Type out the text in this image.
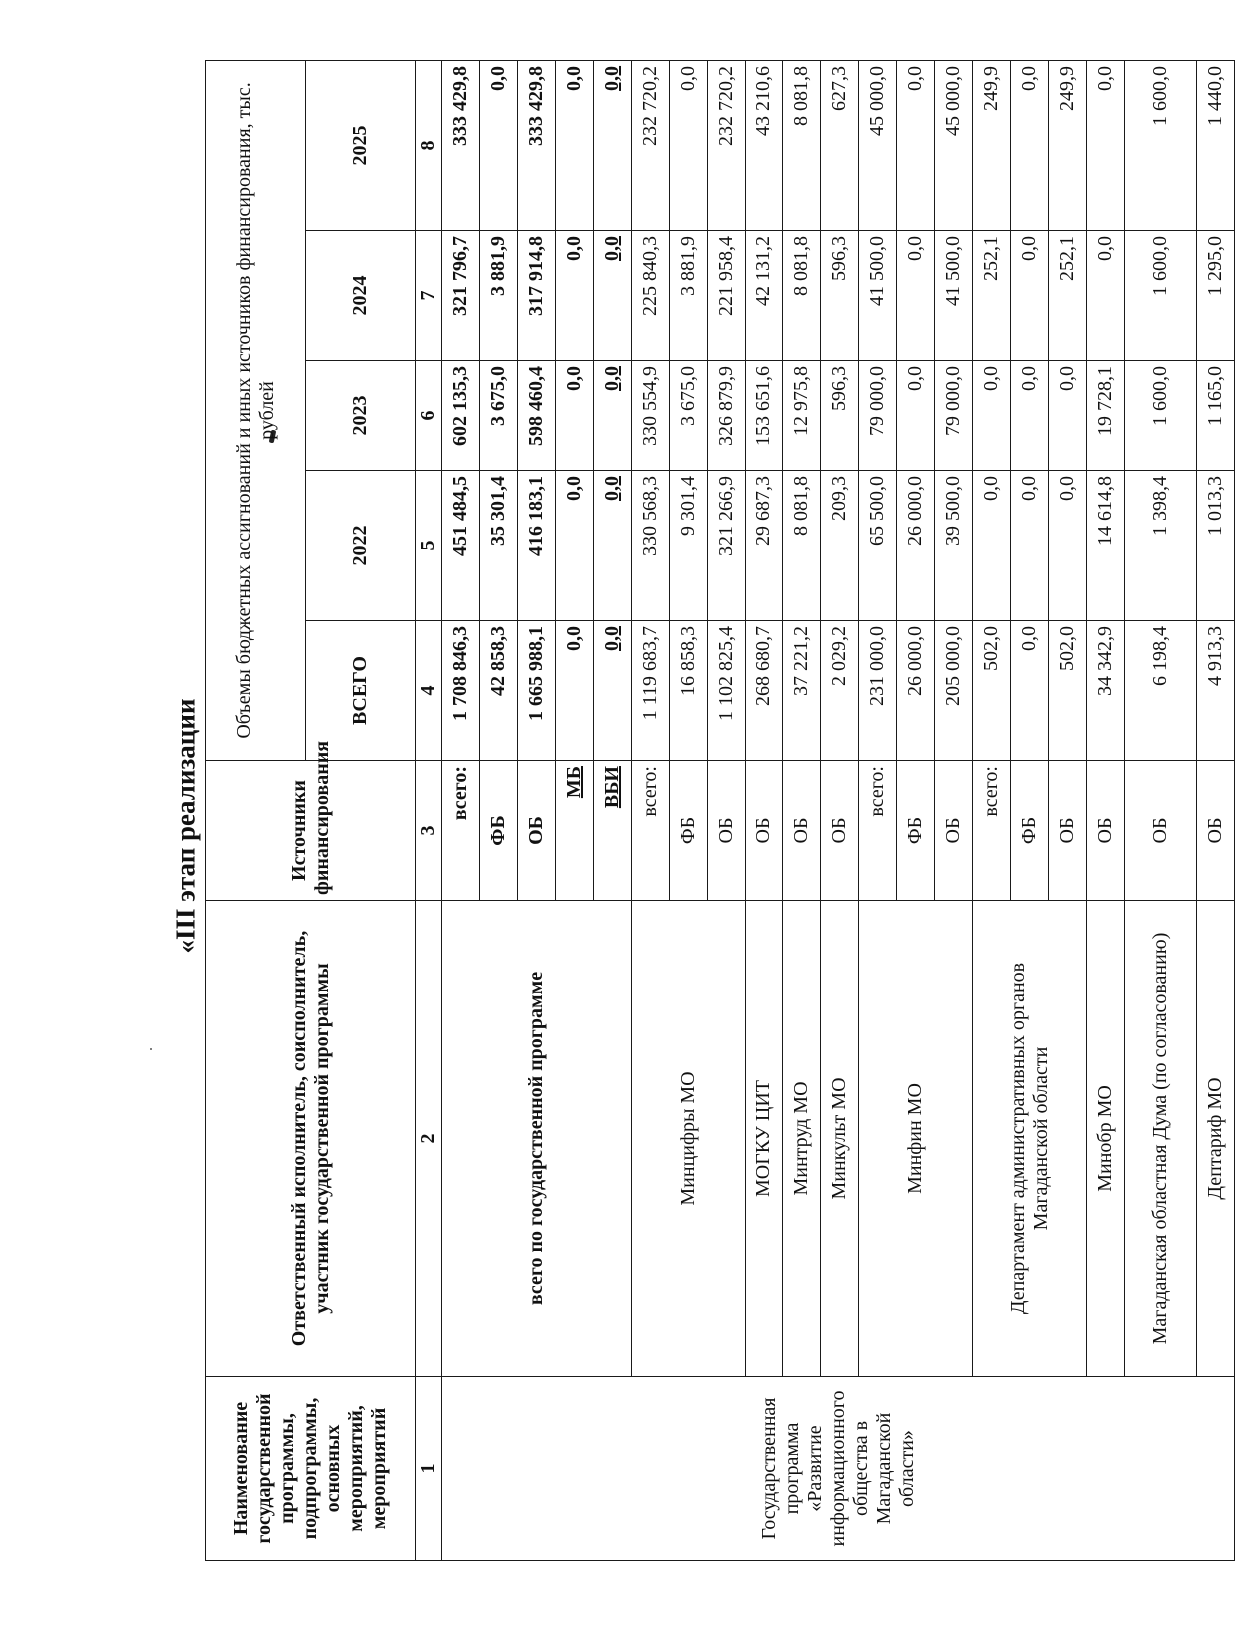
«III этап реализации
Наименование государственной программы, подпрограммы, основных мероприятий, мероприятий	Ответственный исполнитель, соисполнитель, участник государственной программы	Источники финансирования	Объемы бюджетных ассигнований и иных источников финансирования, тыс. рублей				
			ВСЕГО	2022	2023	2024	2025
1	2	3	4	5	6	7	8
Государственная программа «Развитие информационного общества в Магаданской области»	всего по государственной программе	всего:	1 708 846,3	451 484,5	602 135,3	321 796,7	333 429,8
		ФБ	42 858,3	35 301,4	3 675,0	3 881,9	0,0
		ОБ	1 665 988,1	416 183,1	598 460,4	317 914,8	333 429,8
		МБ	0,0	0,0	0,0	0,0	0,0
		ВБИ	0,0	0,0	0,0	0,0	0,0
	Минцифры МО	всего:	1 119 683,7	330 568,3	330 554,9	225 840,3	232 720,2
		ФБ	16 858,3	9 301,4	3 675,0	3 881,9	0,0
		ОБ	1 102 825,4	321 266,9	326 879,9	221 958,4	232 720,2
	МОГКУ ЦИТ	ОБ	268 680,7	29 687,3	153 651,6	42 131,2	43 210,6
	Минтруд МО	ОБ	37 221,2	8 081,8	12 975,8	8 081,8	8 081,8
	Минкульт МО	ОБ	2 029,2	209,3	596,3	596,3	627,3
	Минфин МО	всего:	231 000,0	65 500,0	79 000,0	41 500,0	45 000,0
		ФБ	26 000,0	26 000,0	0,0	0,0	0,0
		ОБ	205 000,0	39 500,0	79 000,0	41 500,0	45 000,0
	Департамент административных органов Магаданской области	всего:	502,0	0,0	0,0	252,1	249,9
		ФБ	0,0	0,0	0,0	0,0	0,0
		ОБ	502,0	0,0	0,0	252,1	249,9
	Минобр МО	ОБ	34 342,9	14 614,8	19 728,1	0,0	0,0
	Магаданская областная Дума (по согласованию)	ОБ	6 198,4	1 398,4	1 600,0	1 600,0	1 600,0
	Дептариф МО	ОБ	4 913,3	1 013,3	1 165,0	1 295,0	1 440,0
